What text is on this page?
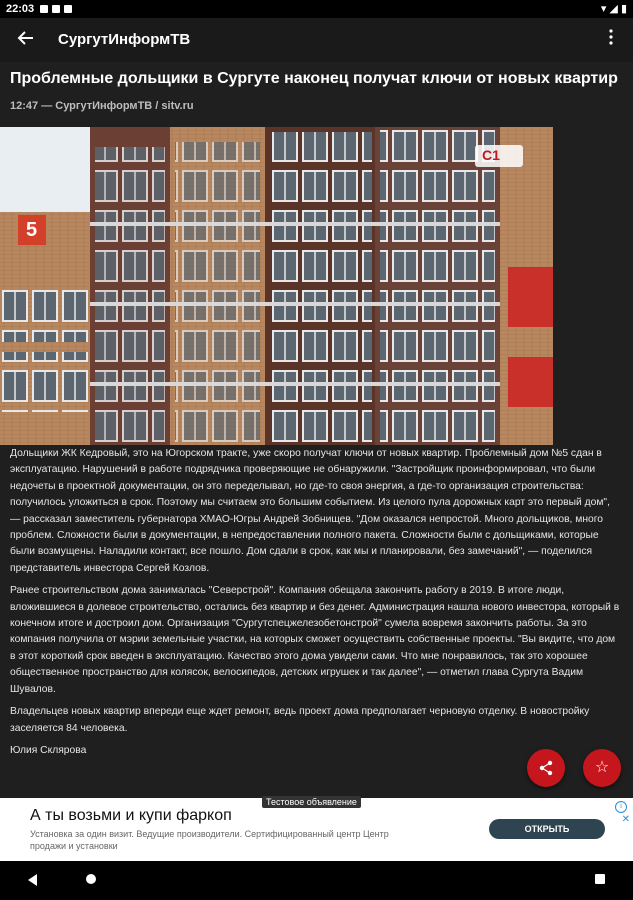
22:03	▾ ◢ ▮
СургутИнформТВ
Проблемные дольщики в Сургуте наконец получат ключи от новых квартир
12:47 — СургутИнформТВ / sitv.ru
С1
5

Дольщики ЖК Кедровый, это на Югорском тракте, уже скоро получат ключи от новых квартир. Проблемный дом №5 сдан в эксплуатацию. Нарушений в работе подрядчика проверяющие не обнаружили. "Застройщик проинформировал, что были недочеты в проектной документации, он это переделывал, но где-то своя энергия, а где-то организация строительства: получилось уложиться в срок. Поэтому мы считаем это большим событием. Из целого пула дорожных карт это первый дом", — рассказал заместитель губернатора ХМАО-Югры Андрей Зобнищев. "Дом оказался непростой. Много дольщиков, много проблем. Сложности были в документации, в непредоставлении полного пакета. Сложности были с дольщиками, которые были возмущены. Наладили контакт, все пошло. Дом сдали в срок, как мы и планировали, без замечаний", — поделился представитель инвестора Сергей Козлов.

Ранее строительством дома занималась "Северстрой". Компания обещала закончить работу в 2019. В итоге люди, вложившиеся в долевое строительство, остались без квартир и без денег. Администрация нашла нового инвестора, который в конечном итоге и достроил дом. Организация "Сургутспецжелезобетонстрой" сумела вовремя закончить работы. За это компания получила от мэрии земельные участки, на которых сможет осуществить собственные проекты. "Вы видите, что дом в этот короткий срок введен в эксплуатацию. Качество этого дома увидели сами. Что мне понравилось, так это хорошее общественное пространство для колясок, велосипедов, детских игрушек и так далее", — отметил глава Сургута Вадим Шувалов.

Владельцев новых квартир впереди еще ждет ремонт, ведь проект дома предполагает черновую отделку. В новостройку заселяется 84 человека.

Юлия Склярова

☆
Тестовое объявление
А ты возьми и купи фаркоп
Установка за один визит. Ведущие производители. Сертифицированный центр Центр продажи и установки
ОТКРЫТЬ
i
✕
